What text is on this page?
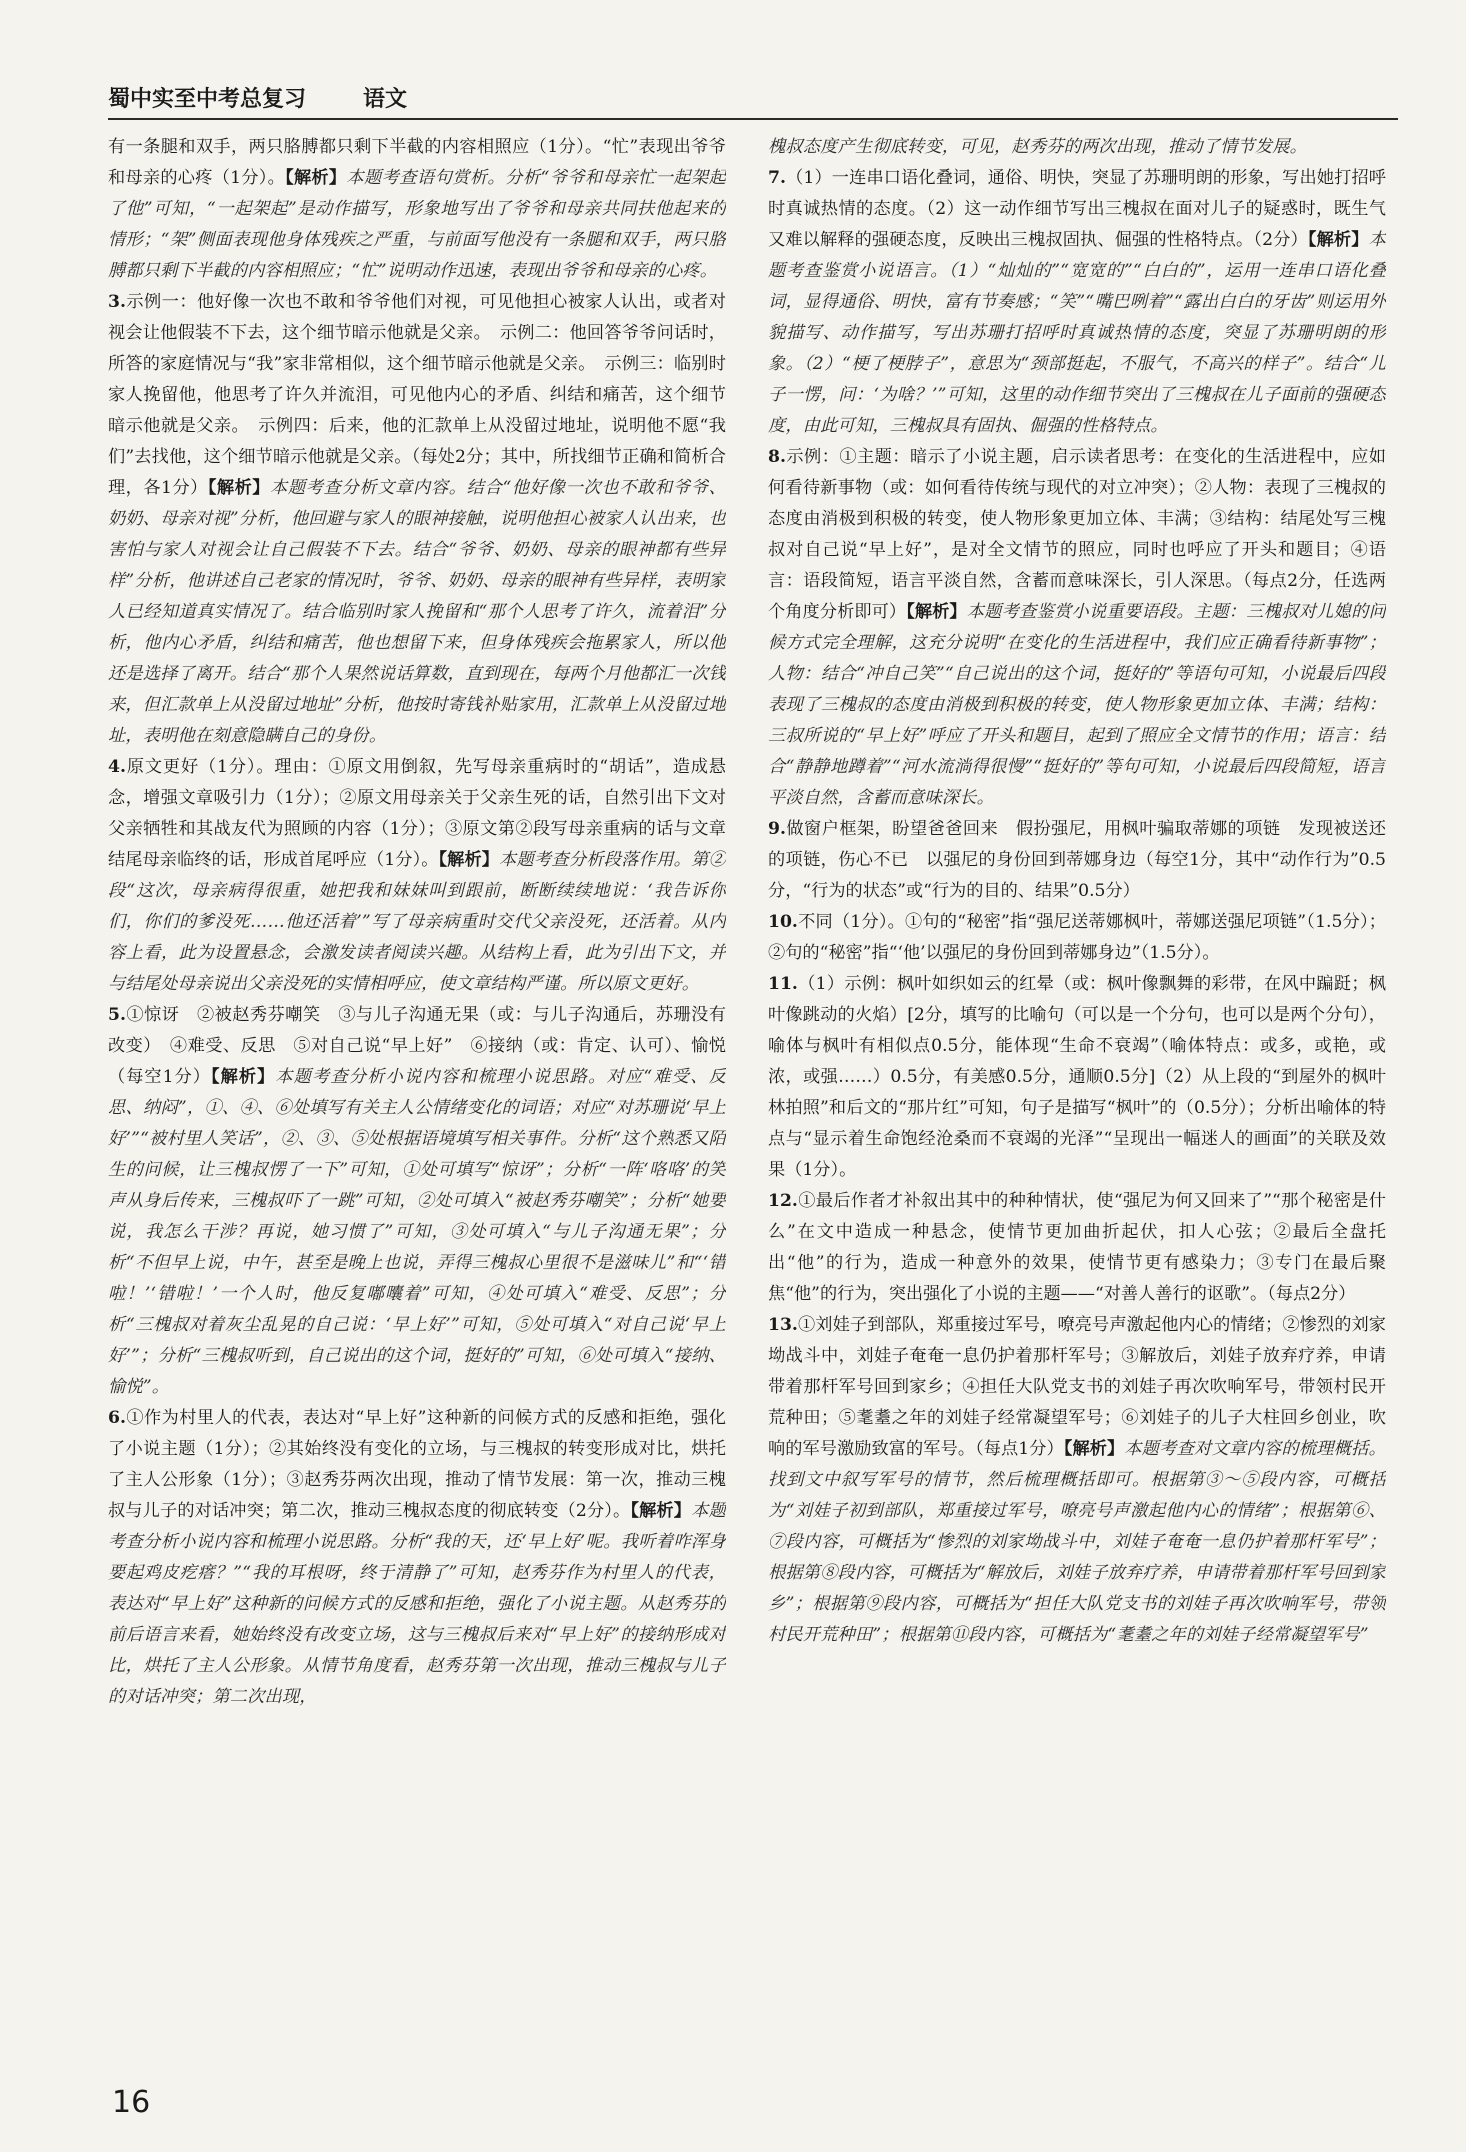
蜀中实至中考总复习	语文

有一条腿和双手，两只胳膊都只剩下半截的内容相照应（1分）。“忙”表现出爷爷和母亲的心疼（1分）。【解析】本题考查语句赏析。分析“爷爷和母亲忙一起架起了他”可知，“一起架起”是动作描写，形象地写出了爷爷和母亲共同扶他起来的情形；“架”侧面表现他身体残疾之严重，与前面写他没有一条腿和双手，两只胳膊都只剩下半截的内容相照应；“忙”说明动作迅速，表现出爷爷和母亲的心疼。
3.示例一：他好像一次也不敢和爷爷他们对视，可见他担心被家人认出，或者对视会让他假装不下去，这个细节暗示他就是父亲。　示例二：他回答爷爷问话时，所答的家庭情况与“我”家非常相似，这个细节暗示他就是父亲。　示例三：临别时家人挽留他，他思考了许久并流泪，可见他内心的矛盾、纠结和痛苦，这个细节暗示他就是父亲。　示例四：后来，他的汇款单上从没留过地址，说明他不愿“我们”去找他，这个细节暗示他就是父亲。（每处2分；其中，所找细节正确和简析合理，各1分）【解析】本题考查分析文章内容。结合“他好像一次也不敢和爷爷、奶奶、母亲对视”分析，他回避与家人的眼神接触，说明他担心被家人认出来，也害怕与家人对视会让自己假装不下去。结合“爷爷、奶奶、母亲的眼神都有些异样”分析，他讲述自己老家的情况时，爷爷、奶奶、母亲的眼神有些异样，表明家人已经知道真实情况了。结合临别时家人挽留和“那个人思考了许久，流着泪”分析，他内心矛盾，纠结和痛苦，他也想留下来，但身体残疾会拖累家人，所以他还是选择了离开。结合“那个人果然说话算数，直到现在，每两个月他都汇一次钱来，但汇款单上从没留过地址”分析，他按时寄钱补贴家用，汇款单上从没留过地址，表明他在刻意隐瞒自己的身份。
4.原文更好（1分）。理由：①原文用倒叙，先写母亲重病时的“胡话”，造成悬念，增强文章吸引力（1分）；②原文用母亲关于父亲生死的话，自然引出下文对父亲牺牲和其战友代为照顾的内容（1分）；③原文第②段写母亲重病的话与文章结尾母亲临终的话，形成首尾呼应（1分）。【解析】本题考查分析段落作用。第②段“这次，母亲病得很重，她把我和妹妹叫到跟前，断断续续地说：‘我告诉你们，你们的爹没死……他还活着’”写了母亲病重时交代父亲没死，还活着。从内容上看，此为设置悬念，会激发读者阅读兴趣。从结构上看，此为引出下文，并与结尾处母亲说出父亲没死的实情相呼应，使文章结构严谨。所以原文更好。
5.①惊讶　②被赵秀芬嘲笑　③与儿子沟通无果（或：与儿子沟通后，苏珊没有改变）　④难受、反思　⑤对自己说“早上好”　⑥接纳（或：肯定、认可）、愉悦（每空1分）【解析】本题考查分析小说内容和梳理小说思路。对应“难受、反思、纳闷”，①、④、⑥处填写有关主人公情绪变化的词语；对应“对苏珊说‘早上好’”“被村里人笑话”，②、③、⑤处根据语境填写相关事件。分析“这个熟悉又陌生的问候，让三槐叔愣了一下”可知，①处可填写“惊讶”；分析“一阵‘咯咯’的笑声从身后传来，三槐叔吓了一跳”可知，②处可填入“被赵秀芬嘲笑”；分析“她要说，我怎么干涉？再说，她习惯了”可知，③处可填入“与儿子沟通无果”；分析“不但早上说，中午，甚至是晚上也说，弄得三槐叔心里很不是滋味儿”和“‘错啦！’‘错啦！’一个人时，他反复嘟囔着”可知，④处可填入“难受、反思”；分析“三槐叔对着灰尘乱晃的自己说：‘早上好’”可知，⑤处可填入“对自己说‘早上好’”；分析“三槐叔听到，自己说出的这个词，挺好的”可知，⑥处可填入“接纳、愉悦”。
6.①作为村里人的代表，表达对“早上好”这种新的问候方式的反感和拒绝，强化了小说主题（1分）；②其始终没有变化的立场，与三槐叔的转变形成对比，烘托了主人公形象（1分）；③赵秀芬两次出现，推动了情节发展：第一次，推动三槐叔与儿子的对话冲突；第二次，推动三槐叔态度的彻底转变（2分）。【解析】本题考查分析小说内容和梳理小说思路。分析“我的天，还‘早上好’呢。我听着咋浑身要起鸡皮疙瘩？”“我的耳根呀，终于清静了”可知，赵秀芬作为村里人的代表，表达对“早上好”这种新的问候方式的反感和拒绝，强化了小说主题。从赵秀芬的前后语言来看，她始终没有改变立场，这与三槐叔后来对“早上好”的接纳形成对比，烘托了主人公形象。从情节角度看，赵秀芬第一次出现，推动三槐叔与儿子的对话冲突；第二次出现，

槐叔态度产生彻底转变，可见，赵秀芬的两次出现，推动了情节发展。
7.（1）一连串口语化叠词，通俗、明快，突显了苏珊明朗的形象，写出她打招呼时真诚热情的态度。（2）这一动作细节写出三槐叔在面对儿子的疑惑时，既生气又难以解释的强硬态度，反映出三槐叔固执、倔强的性格特点。（2分）【解析】本题考查鉴赏小说语言。（1）“灿灿的”“宽宽的”“白白的”，运用一连串口语化叠词，显得通俗、明快，富有节奏感；“笑”“嘴巴咧着”“露出白白的牙齿”则运用外貌描写、动作描写，写出苏珊打招呼时真诚热情的态度，突显了苏珊明朗的形象。（2）“梗了梗脖子”，意思为“颈部挺起，不服气，不高兴的样子”。结合“儿子一愣，问：‘为啥？’”可知，这里的动作细节突出了三槐叔在儿子面前的强硬态度，由此可知，三槐叔具有固执、倔强的性格特点。
8.示例：①主题：暗示了小说主题，启示读者思考：在变化的生活进程中，应如何看待新事物（或：如何看待传统与现代的对立冲突）；②人物：表现了三槐叔的态度由消极到积极的转变，使人物形象更加立体、丰满；③结构：结尾处写三槐叔对自己说“早上好”，是对全文情节的照应，同时也呼应了开头和题目；④语言：语段简短，语言平淡自然，含蓄而意味深长，引人深思。（每点2分，任选两个角度分析即可）【解析】本题考查鉴赏小说重要语段。主题：三槐叔对儿媳的问候方式完全理解，这充分说明“在变化的生活进程中，我们应正确看待新事物”；人物：结合“冲自己笑”“自己说出的这个词，挺好的”等语句可知，小说最后四段表现了三槐叔的态度由消极到积极的转变，使人物形象更加立体、丰满；结构：三叔所说的“早上好”呼应了开头和题目，起到了照应全文情节的作用；语言：结合“静静地蹲着”“河水流淌得很慢”“挺好的”等句可知，小说最后四段简短，语言平淡自然，含蓄而意味深长。
9.做窗户框架，盼望爸爸回来　假扮强尼，用枫叶骗取蒂娜的项链　发现被送还的项链，伤心不已　以强尼的身份回到蒂娜身边（每空1分，其中“动作行为”0.5分，“行为的状态”或“行为的目的、结果”0.5分）
10.不同（1分）。①句的“秘密”指“强尼送蒂娜枫叶，蒂娜送强尼项链”（1.5分）；②句的“秘密”指“‘他’以强尼的身份回到蒂娜身边”（1.5分）。
11.（1）示例：枫叶如织如云的红晕（或：枫叶像飘舞的彩带，在风中蹁跹；枫叶像跳动的火焰）[2分，填写的比喻句（可以是一个分句，也可以是两个分句），喻体与枫叶有相似点0.5分，能体现“生命不衰竭”（喻体特点：或多，或艳，或浓，或强……）0.5分，有美感0.5分，通顺0.5分]（2）从上段的“到屋外的枫叶林拍照”和后文的“那片红”可知，句子是描写“枫叶”的（0.5分）；分析出喻体的特点与“显示着生命饱经沧桑而不衰竭的光泽”“呈现出一幅迷人的画面”的关联及效果（1分）。
12.①最后作者才补叙出其中的种种情状，使“强尼为何又回来了”“那个秘密是什么”在文中造成一种悬念，使情节更加曲折起伏，扣人心弦；②最后全盘托出“他”的行为，造成一种意外的效果，使情节更有感染力；③专门在最后聚焦“他”的行为，突出强化了小说的主题——“对善人善行的讴歌”。（每点2分）
13.①刘娃子到部队，郑重接过军号，嘹亮号声激起他内心的情绪；②惨烈的刘家坳战斗中，刘娃子奄奄一息仍护着那杆军号；③解放后，刘娃子放弃疗养，申请带着那杆军号回到家乡；④担任大队党支书的刘娃子再次吹响军号，带领村民开荒种田；⑤耄耋之年的刘娃子经常凝望军号；⑥刘娃子的儿子大柱回乡创业，吹响的军号激励致富的军号。（每点1分）【解析】本题考查对文章内容的梳理概括。找到文中叙写军号的情节，然后梳理概括即可。根据第③～⑤段内容，可概括为“刘娃子初到部队，郑重接过军号，嘹亮号声激起他内心的情绪”；根据第⑥、⑦段内容，可概括为“惨烈的刘家坳战斗中，刘娃子奄奄一息仍护着那杆军号”；根据第⑧段内容，可概括为“解放后，刘娃子放弃疗养，申请带着那杆军号回到家乡”；根据第⑨段内容，可概括为“担任大队党支书的刘娃子再次吹响军号，带领村民开荒种田”；根据第⑪段内容，可概括为“耄耋之年的刘娃子经常凝望军号”

16
